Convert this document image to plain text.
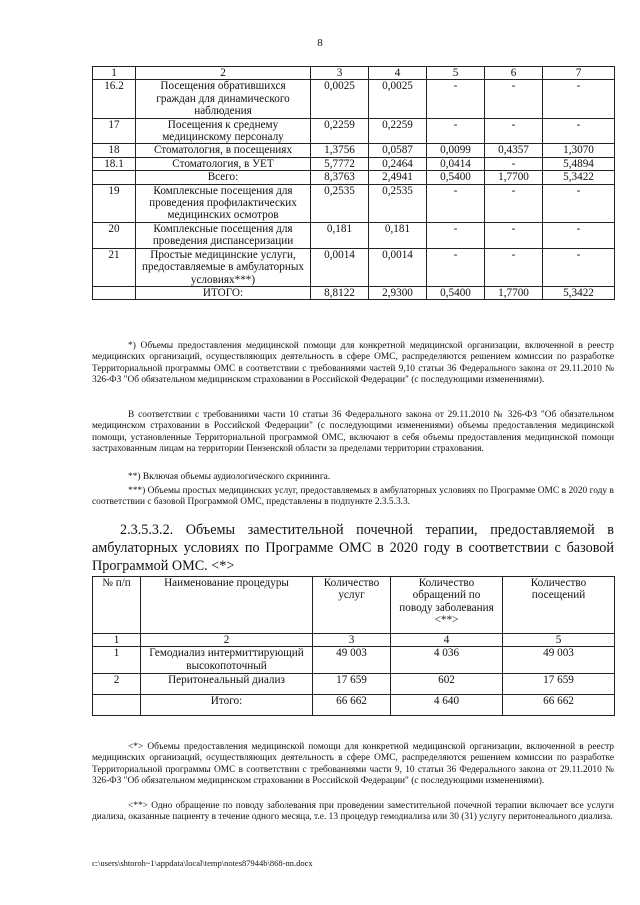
8
1	2	3	4	5	6	7
16.2	Посещения обратившихся граждан для динамического наблюдения	0,0025	0,0025	-	-	-
17	Посещения к среднему медицинскому персоналу	0,2259	0,2259	-	-	-
18	Стоматология, в посещениях	1,3756	0,0587	0,0099	0,4357	1,3070
18.1	Стоматология, в УЕТ	5,7772	0,2464	0,0414	-	5,4894
	Всего:	8,3763	2,4941	0,5400	1,7700	5,3422
19	Комплексные посещения для проведения профилактических медицинских осмотров	0,2535	0,2535	-	-	-
20	Комплексные посещения для проведения диспансеризации	0,181	0,181	-	-	-
21	Простые медицинские услуги, предоставляемые в амбулаторных условиях***)	0,0014	0,0014	-	-	-
	ИТОГО:	8,8122	2,9300	0,5400	1,7700	5,3422

*) Объемы предоставления медицинской помощи для конкретной медицинской организации, включенной в реестр медицинских организаций, осуществляющих деятельность в сфере ОМС, распределяются решением комиссии по разработке Территориальной программы ОМС в соответствии с требованиями частей 9,10 статьи 36 Федерального закона от 29.11.2010 № 326-ФЗ "Об обязательном медицинском страховании в Российской Федерации" (с последующими изменениями).

В соответствии с требованиями части 10 статьи 36 Федерального закона от 29.11.2010 № 326-ФЗ "Об обязательном медицинском страховании в Российской Федерации" (с последующими изменениями) объемы предоставления медицинской помощи, установленные Территориальной программой ОМС, включают в себя объемы предоставления медицинской помощи застрахованным лицам на территории Пензенской области за пределами территории страхования.

**) Включая объемы аудиологического скрининга.

***) Объемы простых медицинских услуг, предоставляемых в амбулаторных условиях по Программе ОМС в 2020 году в соответствии с базовой Программой ОМС, представлены в подпункте 2.3.5.3.3.

2.3.5.3.2. Объемы заместительной почечной терапии, предоставляемой в амбулаторных условиях по Программе ОМС в 2020 году в соответствии с базовой Программой ОМС. <*>

№ п/п	Наименование процедуры	Количество услуг	Количество обращений по поводу заболевания <**>	Количество посещений
1	2	3	4	5
1	Гемодиализ интермиттирующий высокопоточный	49 003	4 036	49 003
2	Перитонеальный диализ	17 659	602	17 659
	Итого:	66 662	4 640	66 662

<*> Объемы предоставления медицинской помощи для конкретной медицинской организации, включенной в реестр медицинских организаций, осуществляющих деятельность в сфере ОМС, распределяются решением комиссии по разработке Территориальной программы ОМС в соответствии с требованиями части 9, 10 статьи 36 Федерального закона от 29.11.2010 № 326-ФЗ "Об обязательном медицинском страховании в Российской Федерации" (с последующими изменениями).

<**> Одно обращение по поводу заболевания при проведении заместительной почечной терапии включает все услуги диализа, оказанные пациенту в течение одного месяца, т.е. 13 процедур гемодиализа или 30 (31) услугу перитонеального диализа.

c:\users\shtoroh~1\appdata\local\temp\notes87944b\868-nn.docx
